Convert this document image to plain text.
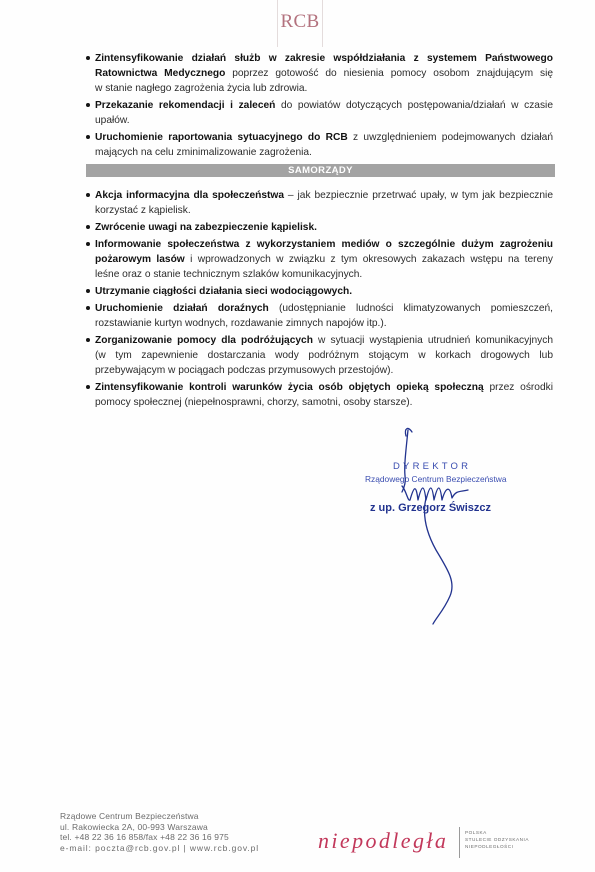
RCB
Zintensyfikowanie działań służb w zakresie współdziałania z systemem Państwowego
Ratownictwa Medycznego poprzez gotowość do niesienia pomocy osobom znajdującym się
w stanie nagłego zagrożenia życia lub zdrowia.
Przekazanie rekomendacji i zaleceń do powiatów dotyczących postępowania/działań w czasie
upałów.
Uruchomienie raportowania sytuacyjnego do RCB z uwzględnieniem podejmowanych działań
mających na celu zminimalizowanie zagrożenia.
SAMORZĄDY
Akcja informacyjna dla społeczeństwa – jak bezpiecznie przetrwać upały, w tym jak bezpiecznie
korzystać z kąpielisk.
Zwrócenie uwagi na zabezpieczenie kąpielisk.
Informowanie społeczeństwa z wykorzystaniem mediów o szczególnie dużym zagrożeniu
pożarowym lasów i wprowadzonych w związku z tym okresowych zakazach wstępu na tereny
leśne oraz o stanie technicznym szlaków komunikacyjnych.
Utrzymanie ciągłości działania sieci wodociągowych.
Uruchomienie działań doraźnych (udostępnianie ludności klimatyzowanych pomieszczeń,
rozstawianie kurtyn wodnych, rozdawanie zimnych napojów itp.).
Zorganizowanie pomocy dla podróżujących w sytuacji wystąpienia utrudnień komunikacyjnych
(w tym zapewnienie dostarczania wody podróżnym stojącym w korkach drogowych lub
przebywającym w pociągach podczas przymusowych przestojów).
Zintensyfikowanie kontroli warunków życia osób objętych opieką społeczną przez ośrodki
pomocy społecznej (niepełnosprawni, chorzy, samotni, osoby starsze).
DYREKTOR
Rządowego Centrum Bezpieczeństwa
z up. Grzegorz Świszcz
Rządowe Centrum Bezpieczeństwa
ul. Rakowiecka 2A, 00-993 Warszawa
tel. +48 22 36 16 858/fax +48 22 36 16 975
e-mail: poczta@rcb.gov.pl | www.rcb.gov.pl	niepodległa POLSKA
STULECIE ODZYSKANIA
NIEPODLEGŁOŚCI
